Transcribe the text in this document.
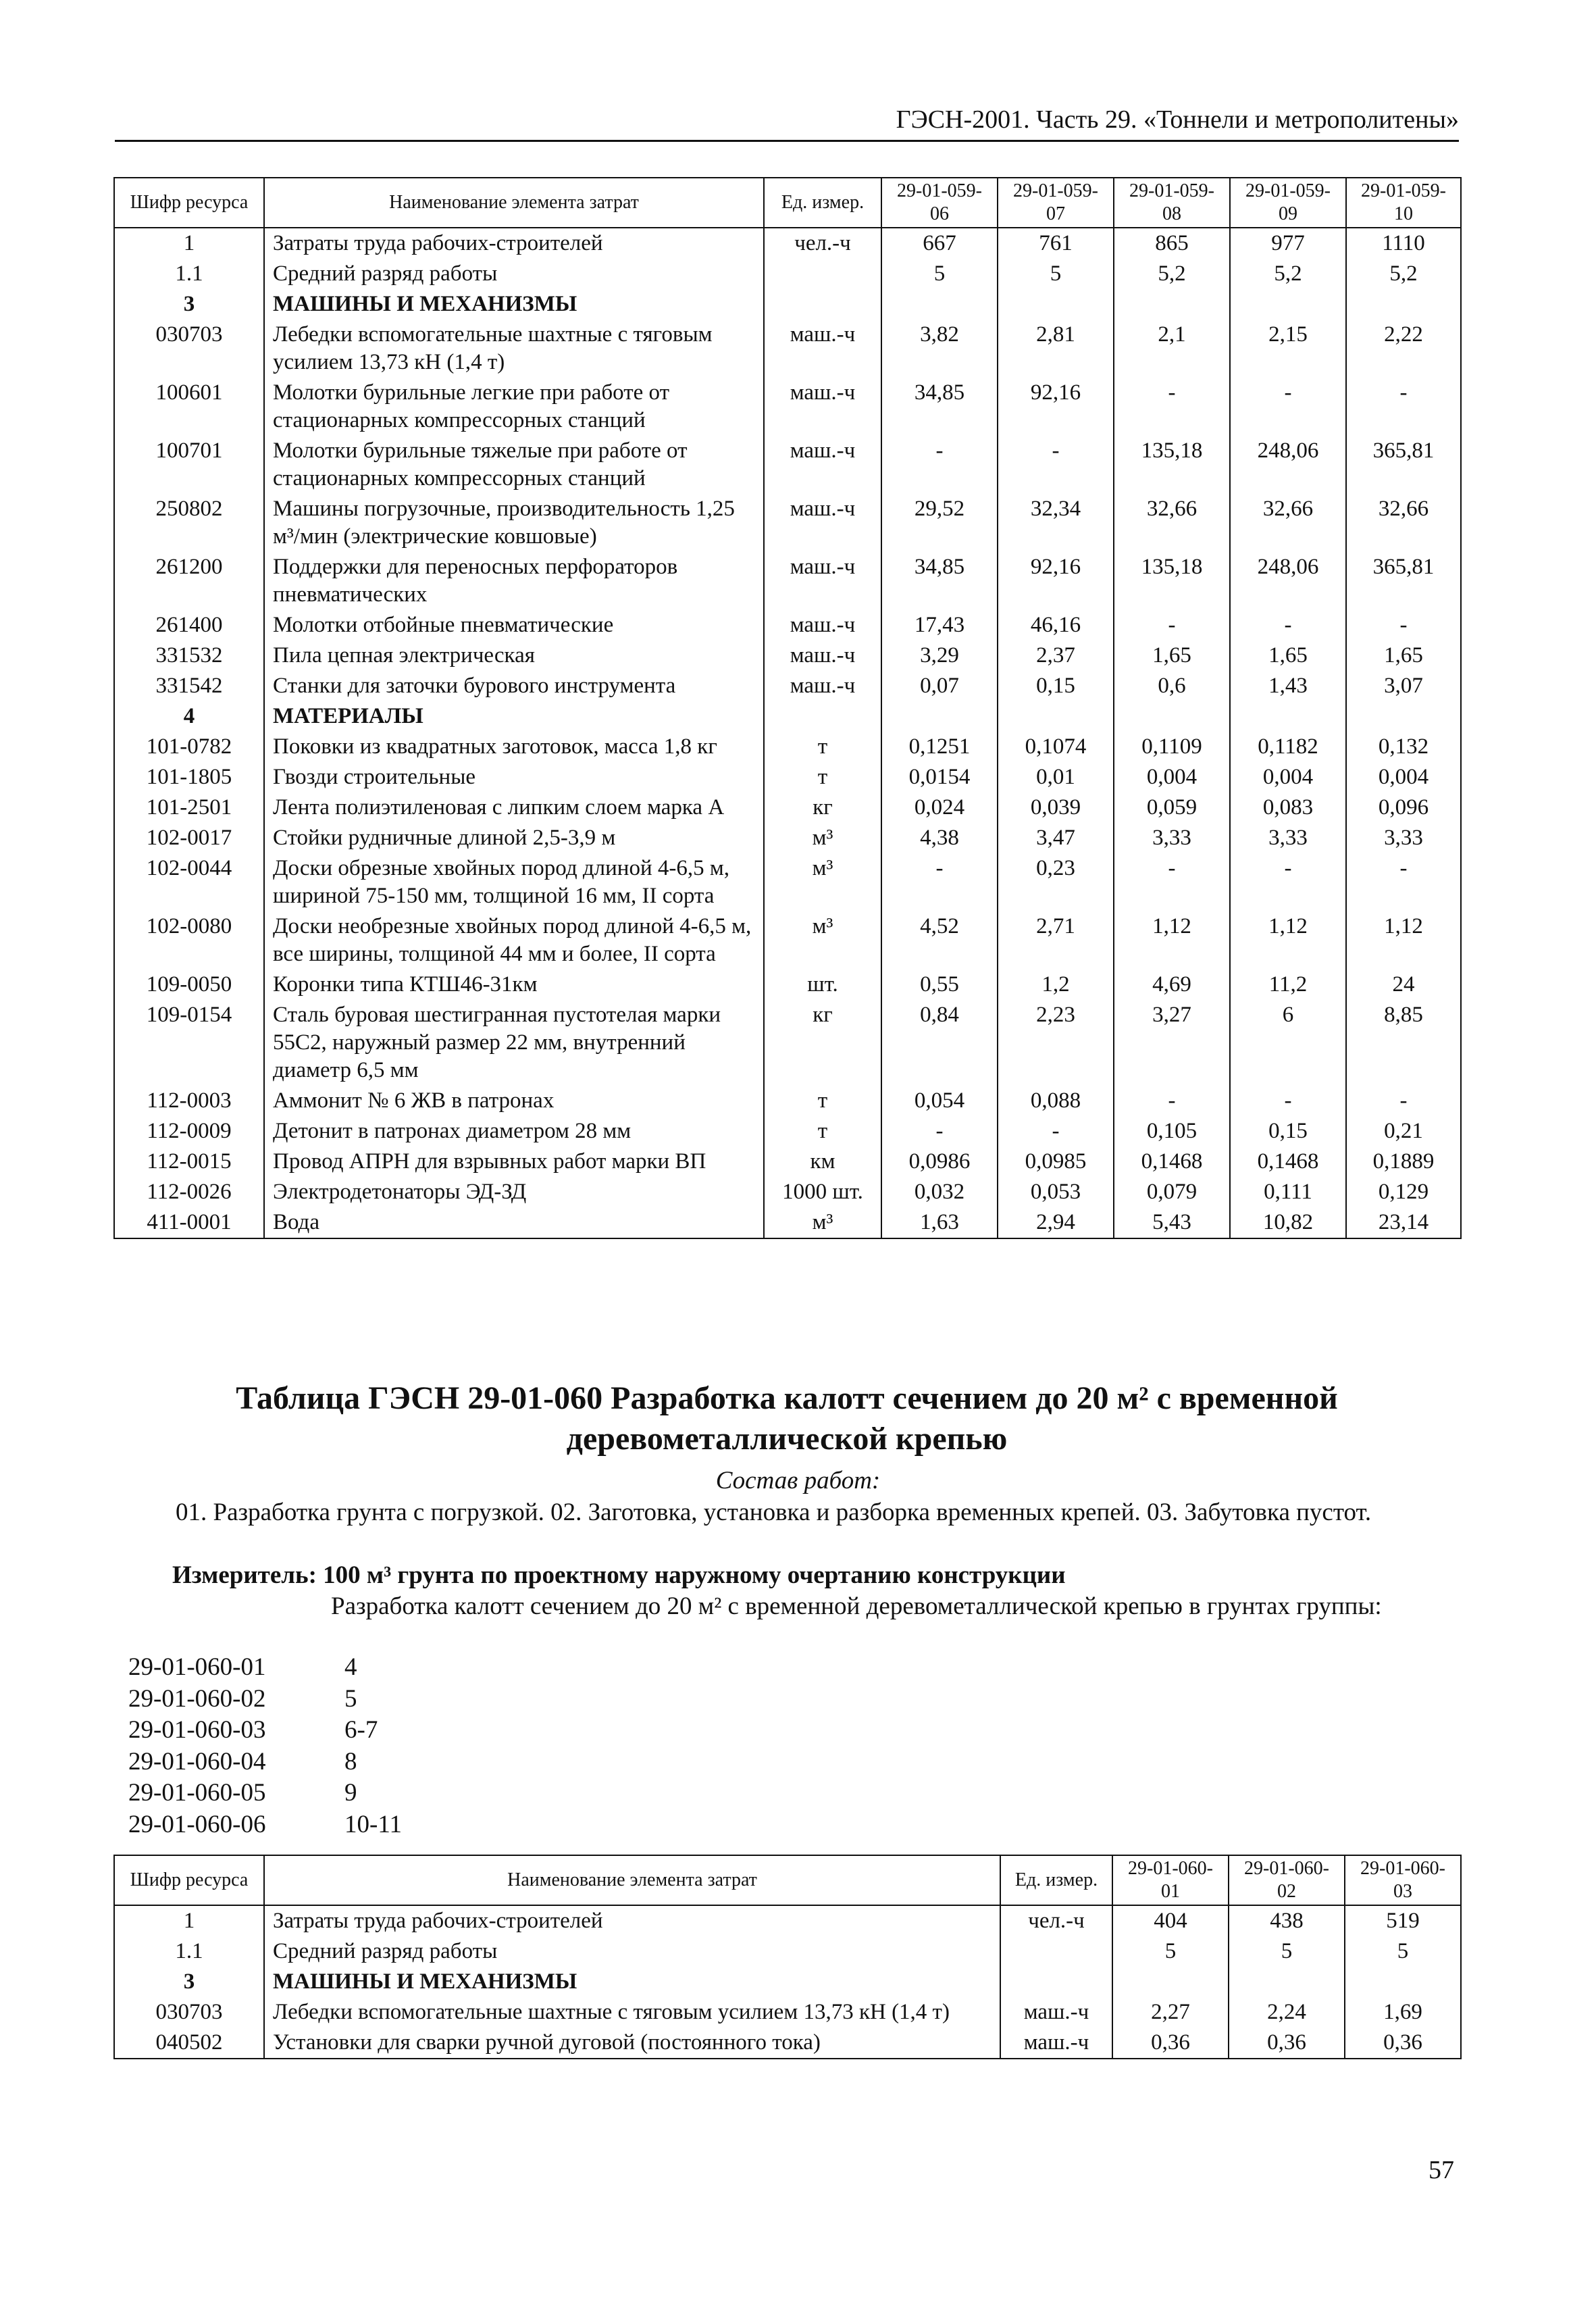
ГЭСН-2001. Часть 29. «Тоннели и метрополитены»
Шифр ресурса	Наименование элемента затрат	Ед. измер.	29-01-059-06	29-01-059-07	29-01-059-08	29-01-059-09	29-01-059-10
1	Затраты труда рабочих-строителей	чел.-ч	667	761	865	977	1110
1.1	Средний разряд работы		5	5	5,2	5,2	5,2
3	МАШИНЫ И МЕХАНИЗМЫ						
030703	Лебедки вспомогательные шахтные с тяговым усилием 13,73 кН (1,4 т)	маш.-ч	3,82	2,81	2,1	2,15	2,22
100601	Молотки бурильные легкие при работе от стационарных компрессорных станций	маш.-ч	34,85	92,16	-	-	-
100701	Молотки бурильные тяжелые при работе от стационарных компрессорных станций	маш.-ч	-	-	135,18	248,06	365,81
250802	Машины погрузочные, производительность 1,25 м³/мин (электрические ковшовые)	маш.-ч	29,52	32,34	32,66	32,66	32,66
261200	Поддержки для переносных перфораторов пневматических	маш.-ч	34,85	92,16	135,18	248,06	365,81
261400	Молотки отбойные пневматические	маш.-ч	17,43	46,16	-	-	-
331532	Пила цепная электрическая	маш.-ч	3,29	2,37	1,65	1,65	1,65
331542	Станки для заточки бурового инструмента	маш.-ч	0,07	0,15	0,6	1,43	3,07
4	МАТЕРИАЛЫ						
101-0782	Поковки из квадратных заготовок, масса 1,8 кг	т	0,1251	0,1074	0,1109	0,1182	0,132
101-1805	Гвозди строительные	т	0,0154	0,01	0,004	0,004	0,004
101-2501	Лента полиэтиленовая с липким слоем марка А	кг	0,024	0,039	0,059	0,083	0,096
102-0017	Стойки рудничные длиной 2,5-3,9 м	м³	4,38	3,47	3,33	3,33	3,33
102-0044	Доски обрезные хвойных пород длиной 4-6,5 м, шириной 75-150 мм, толщиной 16 мм, II сорта	м³	-	0,23	-	-	-
102-0080	Доски необрезные хвойных пород длиной 4-6,5 м, все ширины, толщиной 44 мм и более, II сорта	м³	4,52	2,71	1,12	1,12	1,12
109-0050	Коронки типа КТШ46-31км	шт.	0,55	1,2	4,69	11,2	24
109-0154	Сталь буровая шестигранная пустотелая марки 55С2, наружный размер 22 мм, внутренний диаметр 6,5 мм	кг	0,84	2,23	3,27	6	8,85
112-0003	Аммонит № 6 ЖВ в патронах	т	0,054	0,088	-	-	-
112-0009	Детонит в патронах диаметром 28 мм	т	-	-	0,105	0,15	0,21
112-0015	Провод АПРН для взрывных работ марки ВП	км	0,0986	0,0985	0,1468	0,1468	0,1889
112-0026	Электродетонаторы ЭД-ЗД	1000 шт.	0,032	0,053	0,079	0,111	0,129
411-0001	Вода	м³	1,63	2,94	5,43	10,82	23,14
Таблица ГЭСН 29-01-060 Разработка калотт сечением до 20 м² с временной
деревометаллической крепью
Состав работ:
01. Разработка грунта с погрузкой. 02. Заготовка, установка и разборка временных крепей. 03. Забутовка пустот.
Измеритель: 100 м³ грунта по проектному наружному очертанию конструкции
Разработка калотт сечением до 20 м² с временной деревометаллической крепью в грунтах группы:
29-01-060-01	4
29-01-060-02	5
29-01-060-03	6-7
29-01-060-04	8
29-01-060-05	9
29-01-060-06	10-11
Шифр ресурса	Наименование элемента затрат	Ед. измер.	29-01-060-01	29-01-060-02	29-01-060-03
1	Затраты труда рабочих-строителей	чел.-ч	404	438	519
1.1	Средний разряд работы		5	5	5
3	МАШИНЫ И МЕХАНИЗМЫ				
030703	Лебедки вспомогательные шахтные с тяговым усилием 13,73 кН (1,4 т)	маш.-ч	2,27	2,24	1,69
040502	Установки для сварки ручной дуговой (постоянного тока)	маш.-ч	0,36	0,36	0,36
57
